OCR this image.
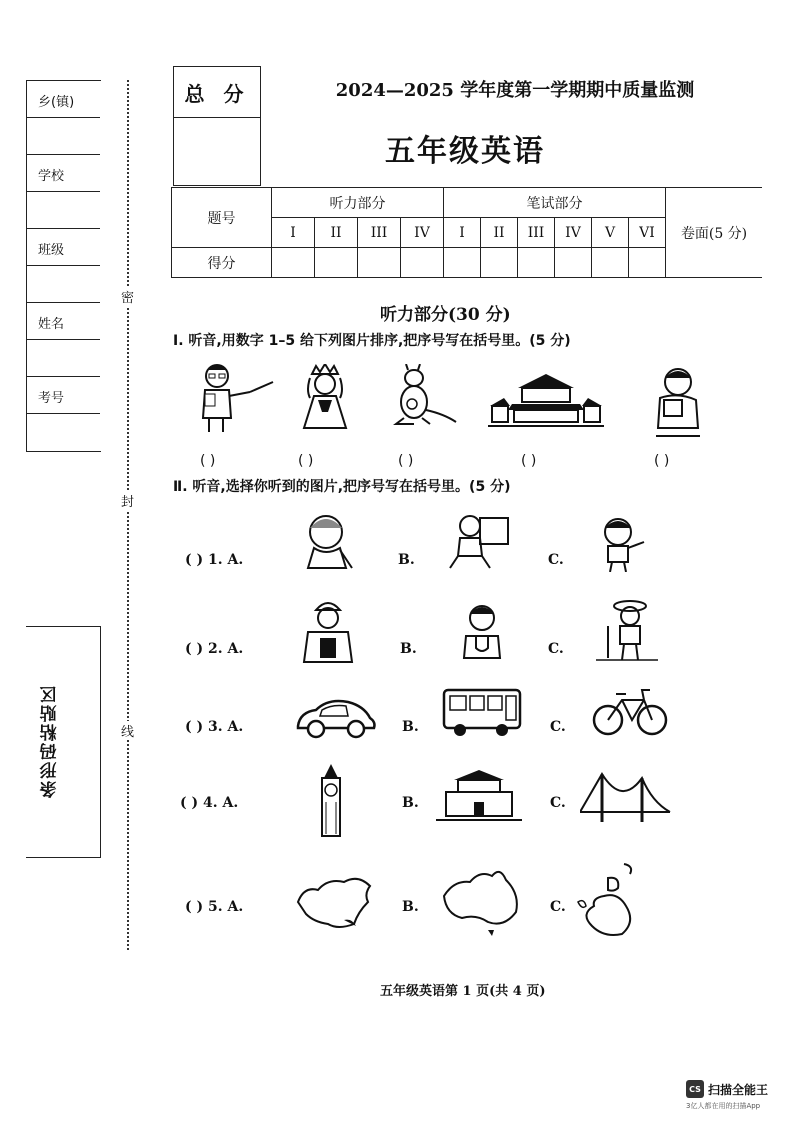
乡(镇)
学校
班级
姓名
考号
条形码粘贴区
密
封
线
总 分	2024—2025 学年度第一学期期中质量监测
五年级英语
题号	听力部分				笔试部分						卷面(5 分)
	I	II	III	IV	I	II	III	IV	V	VI	
得分											
听力部分(30 分)
Ⅰ. 听音,用数字 1–5 给下列图片排序,把序号写在括号里。(5 分)
( )	( )	( )	( )	( )
Ⅱ. 听音,选择你听到的图片,把序号写在括号里。(5 分)
( ) 1. A.	B.	C.
( ) 2. A.	B.	C.
( ) 3. A.	B.	C.
( ) 4. A.	B.	C.
( ) 5. A.	B.	C.
五年级英语第 1 页(共 4 页)
CS 扫描全能王
3亿人都在用的扫描App
